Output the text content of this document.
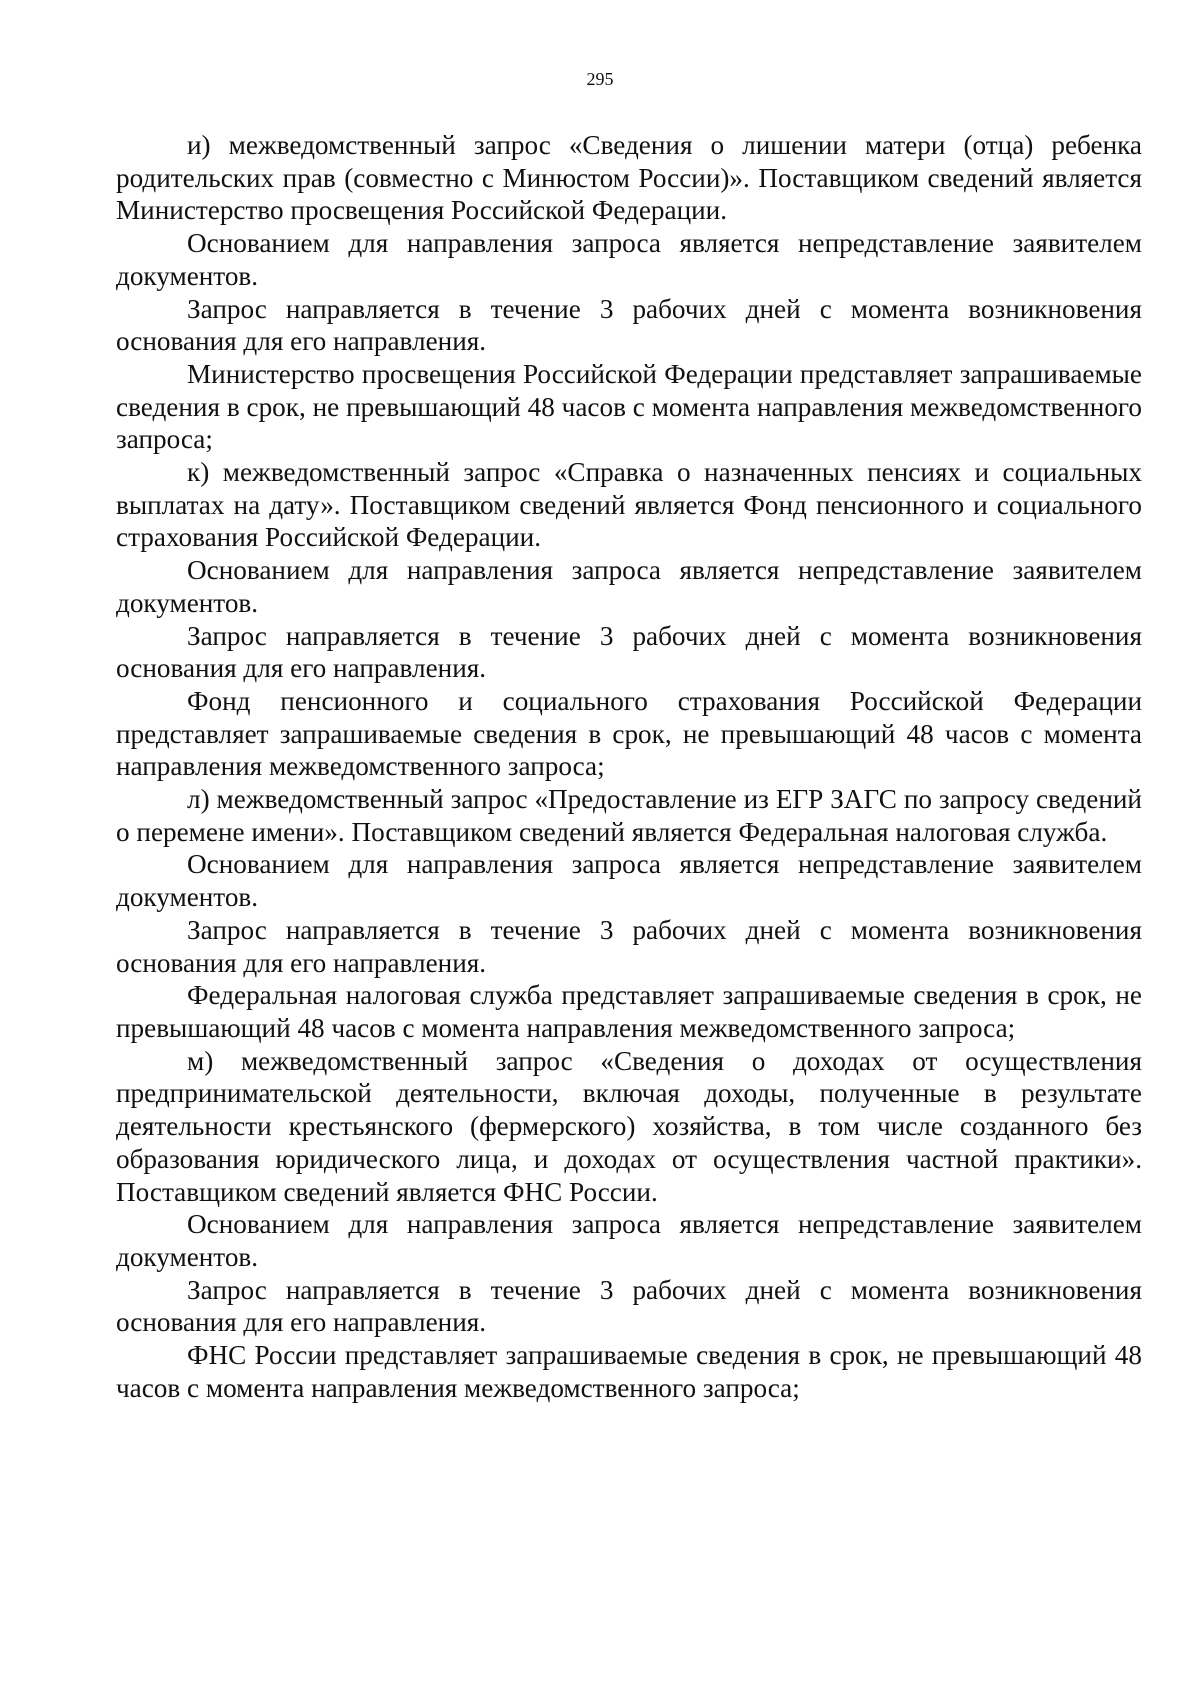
295

и) межведомственный запрос «Сведения о лишении матери (отца) ребенка родительских прав (совместно с Минюстом России)». Поставщиком сведений является Министерство просвещения Российской Федерации.

Основанием для направления запроса является непредставление заявителем документов.

Запрос направляется в течение 3 рабочих дней с момента возникновения основания для его направления.

Министерство просвещения Российской Федерации представляет запрашиваемые сведения в срок, не превышающий 48 часов с момента направления межведомственного запроса;

к) межведомственный запрос «Справка о назначенных пенсиях и социальных выплатах на дату». Поставщиком сведений является Фонд пенсионного и социального страхования Российской Федерации.

Основанием для направления запроса является непредставление заявителем документов.

Запрос направляется в течение 3 рабочих дней с момента возникновения основания для его направления.

Фонд пенсионного и социального страхования Российской Федерации представляет запрашиваемые сведения в срок, не превышающий 48 часов с момента направления межведомственного запроса;

л) межведомственный запрос «Предоставление из ЕГР ЗАГС по запросу сведений о перемене имени». Поставщиком сведений является Федеральная налоговая служба.

Основанием для направления запроса является непредставление заявителем документов.

Запрос направляется в течение 3 рабочих дней с момента возникновения основания для его направления.

Федеральная налоговая служба представляет запрашиваемые сведения в срок, не превышающий 48 часов с момента направления межведомственного запроса;

м) межведомственный запрос «Сведения о доходах от осуществления предпринимательской деятельности, включая доходы, полученные в результате деятельности крестьянского (фермерского) хозяйства, в том числе созданного без образования юридического лица, и доходах от осуществления частной практики». Поставщиком сведений является ФНС России.

Основанием для направления запроса является непредставление заявителем документов.

Запрос направляется в течение 3 рабочих дней с момента возникновения основания для его направления.

ФНС России представляет запрашиваемые сведения в срок, не превышающий 48 часов с момента направления межведомственного запроса;
